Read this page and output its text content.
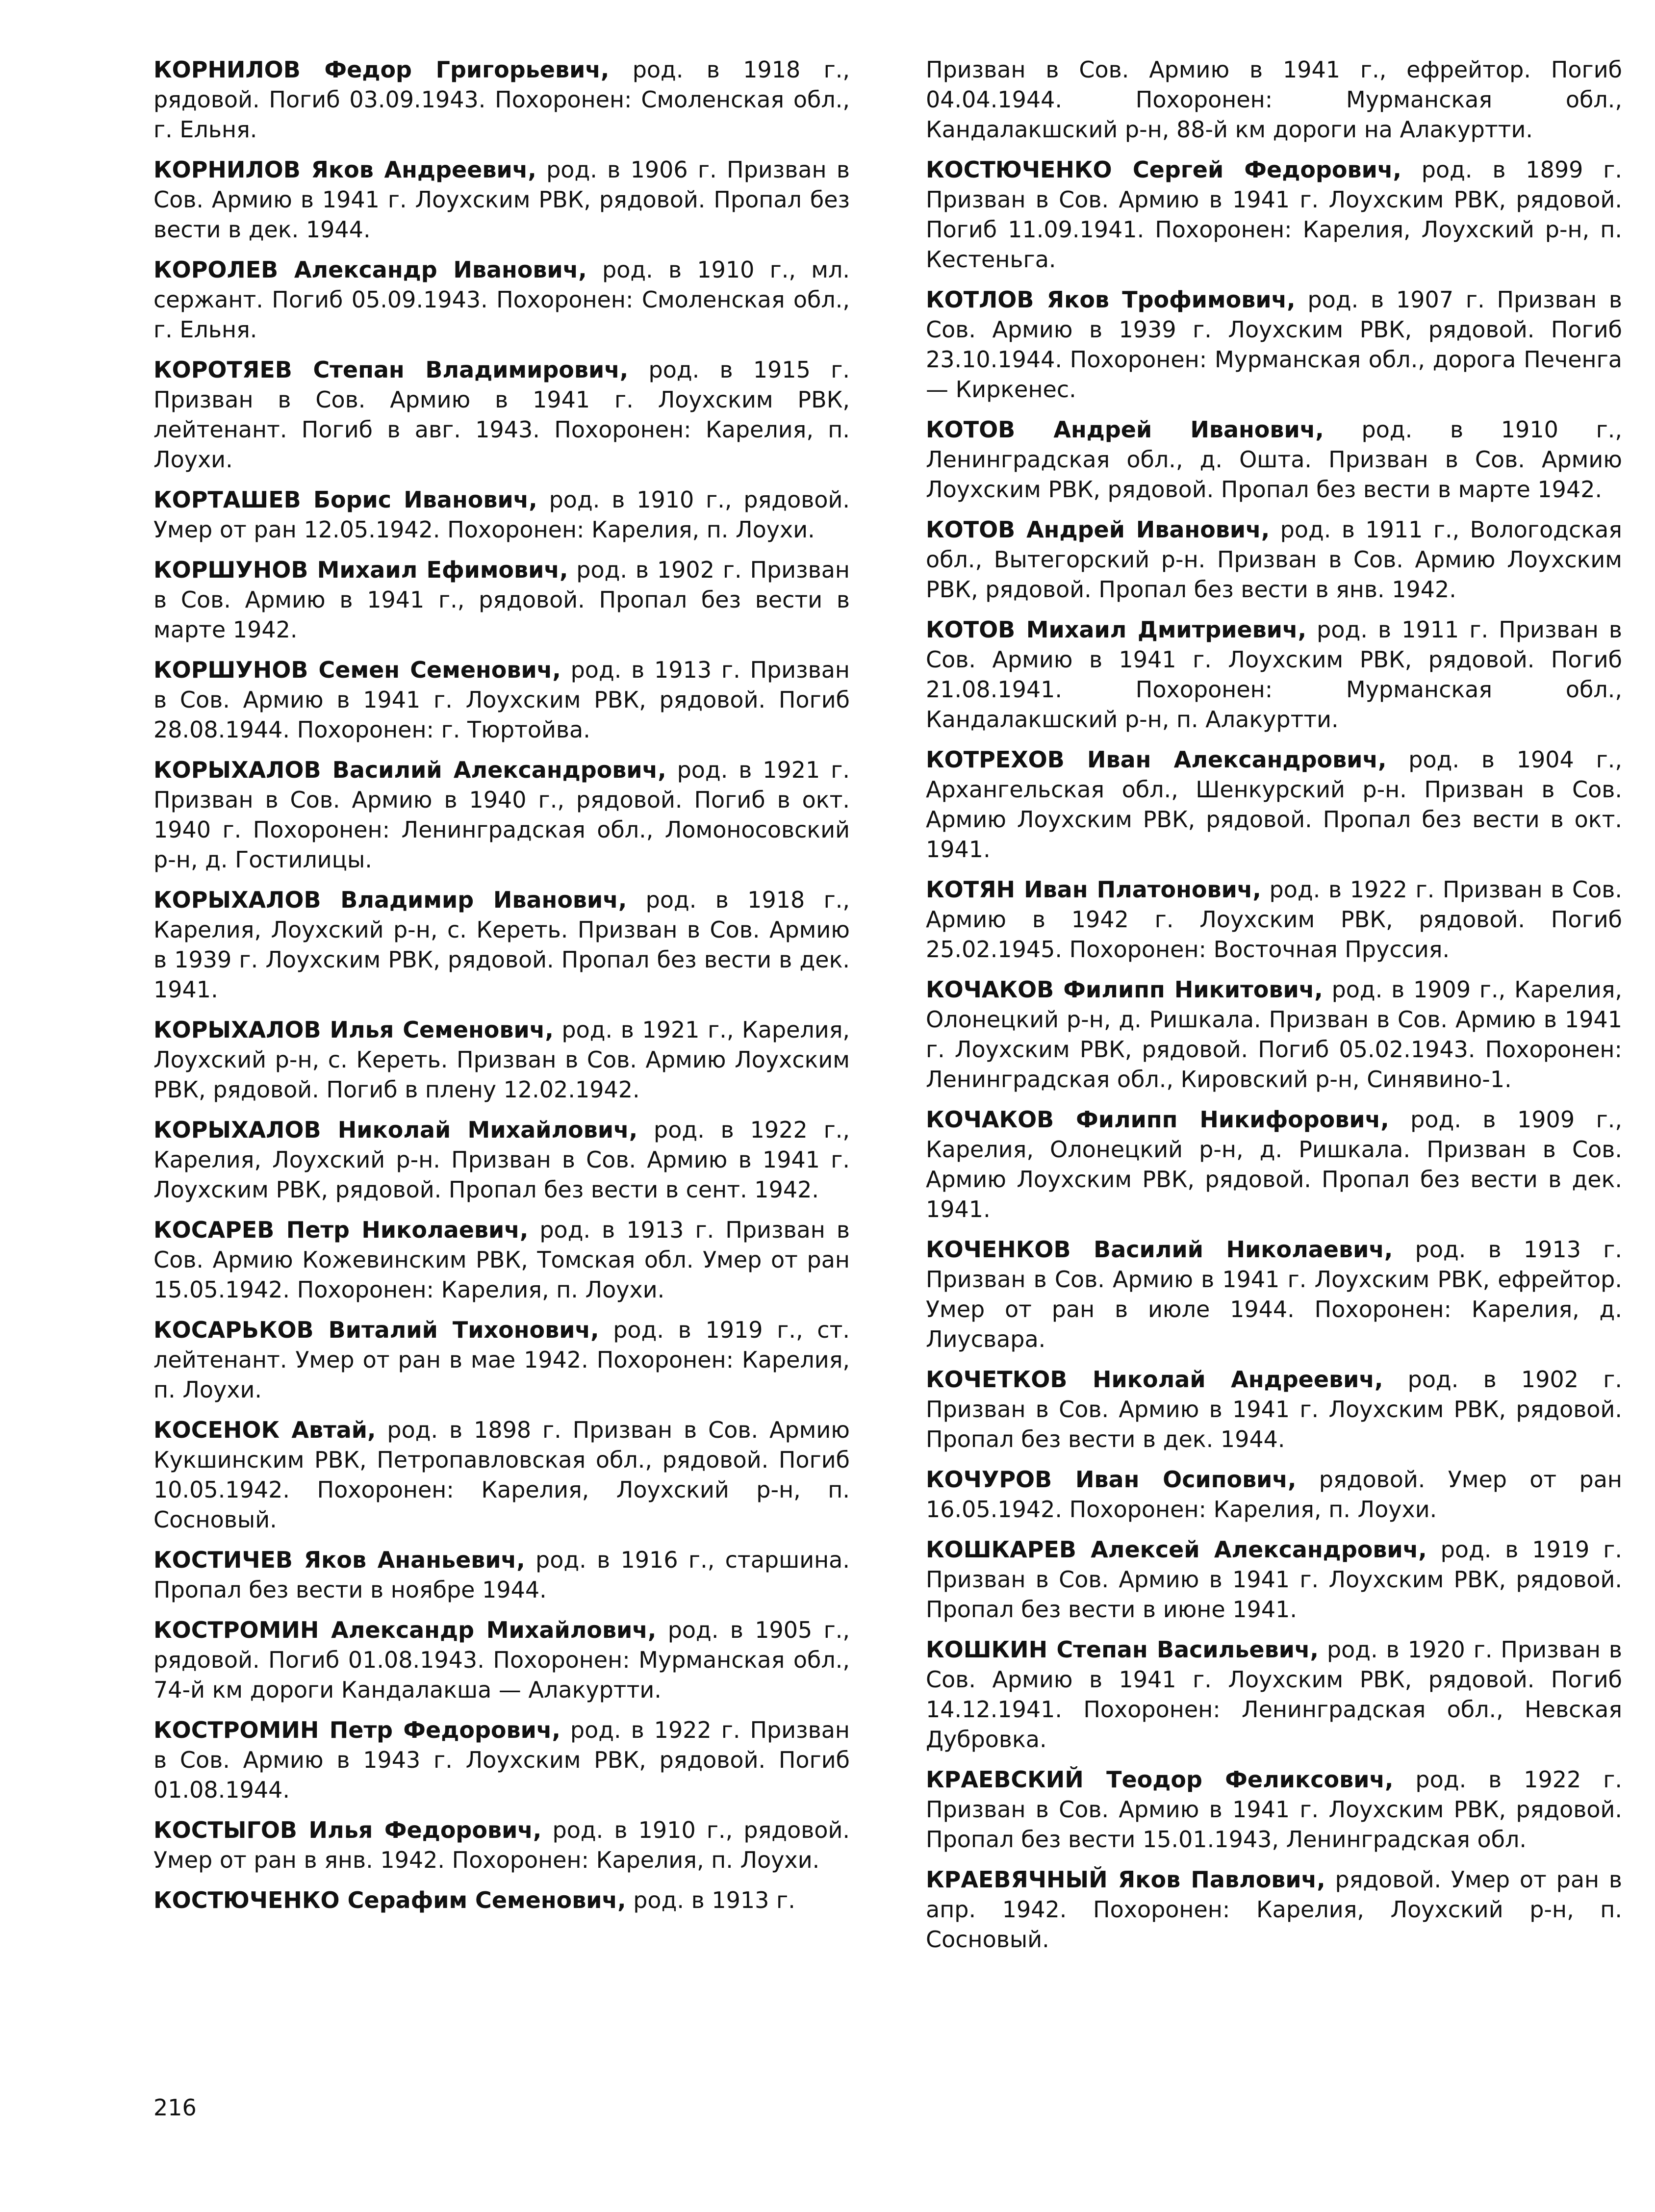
КОРНИЛОВ Федор Григорьевич, род. в 1918 г., рядовой. Погиб 03.09.1943. Похоронен: Смоленская обл., г. Ельня.

КОРНИЛОВ Яков Андреевич, род. в 1906 г. Призван в Сов. Армию в 1941 г. Лоухским РВК, рядовой. Пропал без вести в дек. 1944.

КОРОЛЕВ Александр Иванович, род. в 1910 г., мл. сержант. Погиб 05.09.1943. Похоронен: Смоленская обл., г. Ельня.

КОРОТЯЕВ Степан Владимирович, род. в 1915 г. Призван в Сов. Армию в 1941 г. Лоухским РВК, лейтенант. Погиб в авг. 1943. Похоронен: Карелия, п. Лоухи.

КОРТАШЕВ Борис Иванович, род. в 1910 г., рядовой. Умер от ран 12.05.1942. Похоронен: Карелия, п. Лоухи.

КОРШУНОВ Михаил Ефимович, род. в 1902 г. Призван в Сов. Армию в 1941 г., рядовой. Пропал без вести в марте 1942.

КОРШУНОВ Семен Семенович, род. в 1913 г. Призван в Сов. Армию в 1941 г. Лоухским РВК, рядовой. Погиб 28.08.1944. Похоронен: г. Тюртойва.

КОРЫХАЛОВ Василий Александрович, род. в 1921 г. Призван в Сов. Армию в 1940 г., рядовой. Погиб в окт. 1940 г. Похоронен: Ленинградская обл., Ломоносовский р-н, д. Гостилицы.

КОРЫХАЛОВ Владимир Иванович, род. в 1918 г., Карелия, Лоухский р-н, с. Кереть. Призван в Сов. Армию в 1939 г. Лоухским РВК, рядовой. Пропал без вести в дек. 1941.

КОРЫХАЛОВ Илья Семенович, род. в 1921 г., Карелия, Лоухский р-н, с. Кереть. Призван в Сов. Армию Лоухским РВК, рядовой. Погиб в плену 12.02.1942.

КОРЫХАЛОВ Николай Михайлович, род. в 1922 г., Карелия, Лоухский р-н. Призван в Сов. Армию в 1941 г. Лоухским РВК, рядовой. Пропал без вести в сент. 1942.

КОСАРЕВ Петр Николаевич, род. в 1913 г. Призван в Сов. Армию Кожевинским РВК, Томская обл. Умер от ран 15.05.1942. Похоронен: Карелия, п. Лоухи.

КОСАРЬКОВ Виталий Тихонович, род. в 1919 г., ст. лейтенант. Умер от ран в мае 1942. Похоронен: Карелия, п. Лоухи.

КОСЕНОК Автай, род. в 1898 г. Призван в Сов. Армию Кукшинским РВК, Петропавловская обл., рядовой. Погиб 10.05.1942. Похоронен: Карелия, Лоухский р-н, п. Сосновый.

КОСТИЧЕВ Яков Ананьевич, род. в 1916 г., старшина. Пропал без вести в ноябре 1944.

КОСТРОМИН Александр Михайлович, род. в 1905 г., рядовой. Погиб 01.08.1943. Похоронен: Мурманская обл., 74-й км дороги Кандалакша — Алакуртти.

КОСТРОМИН Петр Федорович, род. в 1922 г. Призван в Сов. Армию в 1943 г. Лоухским РВК, рядовой. Погиб 01.08.1944.

КОСТЫГОВ Илья Федорович, род. в 1910 г., рядовой. Умер от ран в янв. 1942. Похоронен: Карелия, п. Лоухи.

КОСТЮЧЕНКО Серафим Семенович, род. в 1913 г.

Призван в Сов. Армию в 1941 г., ефрейтор. Погиб 04.04.1944. Похоронен: Мурманская обл., Кандалакшский р-н, 88-й км дороги на Алакуртти.

КОСТЮЧЕНКО Сергей Федорович, род. в 1899 г. Призван в Сов. Армию в 1941 г. Лоухским РВК, рядовой. Погиб 11.09.1941. Похоронен: Карелия, Лоухский р-н, п. Кестеньга.

КОТЛОВ Яков Трофимович, род. в 1907 г. Призван в Сов. Армию в 1939 г. Лоухским РВК, рядовой. Погиб 23.10.1944. Похоронен: Мурманская обл., дорога Печенга — Киркенес.

КОТОВ Андрей Иванович, род. в 1910 г., Ленинградская обл., д. Ошта. Призван в Сов. Армию Лоухским РВК, рядовой. Пропал без вести в марте 1942.

КОТОВ Андрей Иванович, род. в 1911 г., Вологодская обл., Вытегорский р-н. Призван в Сов. Армию Лоухским РВК, рядовой. Пропал без вести в янв. 1942.

КОТОВ Михаил Дмитриевич, род. в 1911 г. Призван в Сов. Армию в 1941 г. Лоухским РВК, рядовой. Погиб 21.08.1941. Похоронен: Мурманская обл., Кандалакшский р-н, п. Алакуртти.

КОТРЕХОВ Иван Александрович, род. в 1904 г., Архангельская обл., Шенкурский р-н. Призван в Сов. Армию Лоухским РВК, рядовой. Пропал без вести в окт. 1941.

КОТЯН Иван Платонович, род. в 1922 г. Призван в Сов. Армию в 1942 г. Лоухским РВК, рядовой. Погиб 25.02.1945. Похоронен: Восточная Пруссия.

КОЧАКОВ Филипп Никитович, род. в 1909 г., Карелия, Олонецкий р-н, д. Ришкала. Призван в Сов. Армию в 1941 г. Лоухским РВК, рядовой. Погиб 05.02.1943. Похоронен: Ленинградская обл., Кировский р-н, Синявино-1.

КОЧАКОВ Филипп Никифорович, род. в 1909 г., Карелия, Олонецкий р-н, д. Ришкала. Призван в Сов. Армию Лоухским РВК, рядовой. Пропал без вести в дек. 1941.

КОЧЕНКОВ Василий Николаевич, род. в 1913 г. Призван в Сов. Армию в 1941 г. Лоухским РВК, ефрейтор. Умер от ран в июле 1944. Похоронен: Карелия, д. Лиусвара.

КОЧЕТКОВ Николай Андреевич, род. в 1902 г. Призван в Сов. Армию в 1941 г. Лоухским РВК, рядовой. Пропал без вести в дек. 1944.

КОЧУРОВ Иван Осипович, рядовой. Умер от ран 16.05.1942. Похоронен: Карелия, п. Лоухи.

КОШКАРЕВ Алексей Александрович, род. в 1919 г. Призван в Сов. Армию в 1941 г. Лоухским РВК, рядовой. Пропал без вести в июне 1941.

КОШКИН Степан Васильевич, род. в 1920 г. Призван в Сов. Армию в 1941 г. Лоухским РВК, рядовой. Погиб 14.12.1941. Похоронен: Ленинградская обл., Невская Дубровка.

КРАЕВСКИЙ Теодор Феликсович, род. в 1922 г. Призван в Сов. Армию в 1941 г. Лоухским РВК, рядовой. Пропал без вести 15.01.1943, Ленинградская обл.

КРАЕВЯЧНЫЙ Яков Павлович, рядовой. Умер от ран в апр. 1942. Похоронен: Карелия, Лоухский р-н, п. Сосновый.

216
